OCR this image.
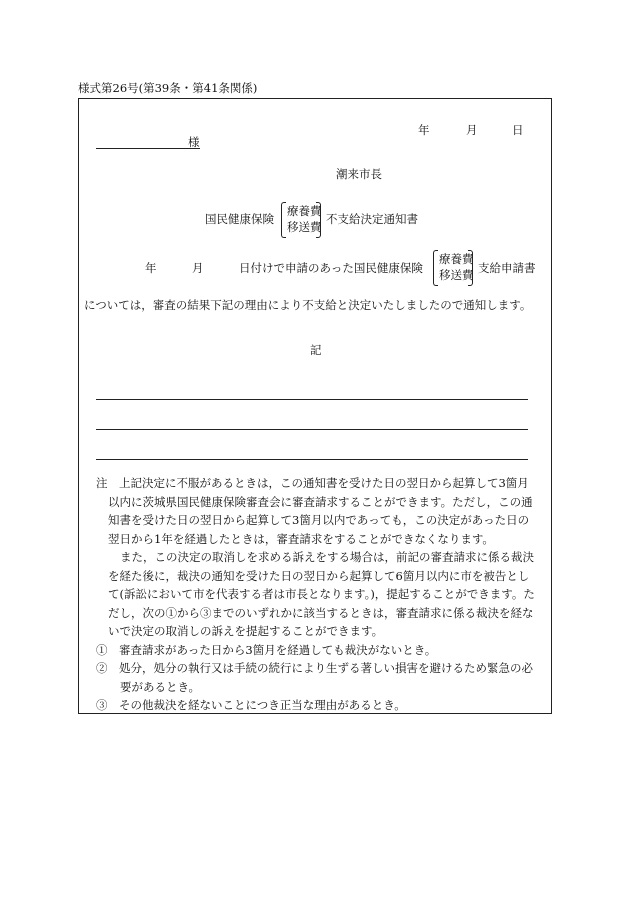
様式第26号(第39条・第41条関係)
年	月	日
様
潮来市長
国民健康保険
療養費
移送費
不支給決定通知書
年	月	日付けで申請のあった国民健康保険
療養費
移送費 支給申請書
については，審査の結果下記の理由により不支給と決定いたしましたので通知します。
記

注　上記決定に不服があるときは，この通知書を受けた日の翌日から起算して3箇月以内に茨城県国民健康保険審査会に審査請求することができます。ただし，この通知書を受けた日の翌日から起算して3箇月以内であっても，この決定があった日の翌日から1年を経過したときは，審査請求をすることができなくなります。

また，この決定の取消しを求める訴えをする場合は，前記の審査請求に係る裁決を経た後に，裁決の通知を受けた日の翌日から起算して6箇月以内に市を被告として(訴訟において市を代表する者は市長となります。)，提起することができます。ただし，次の①から③までのいずれかに該当するときは，審査請求に係る裁決を経ないで決定の取消しの訴えを提起することができます。

①　審査請求があった日から3箇月を経過しても裁決がないとき。

②　処分，処分の執行又は手続の続行により生ずる著しい損害を避けるため緊急の必要があるとき。

③　その他裁決を経ないことにつき正当な理由があるとき。
